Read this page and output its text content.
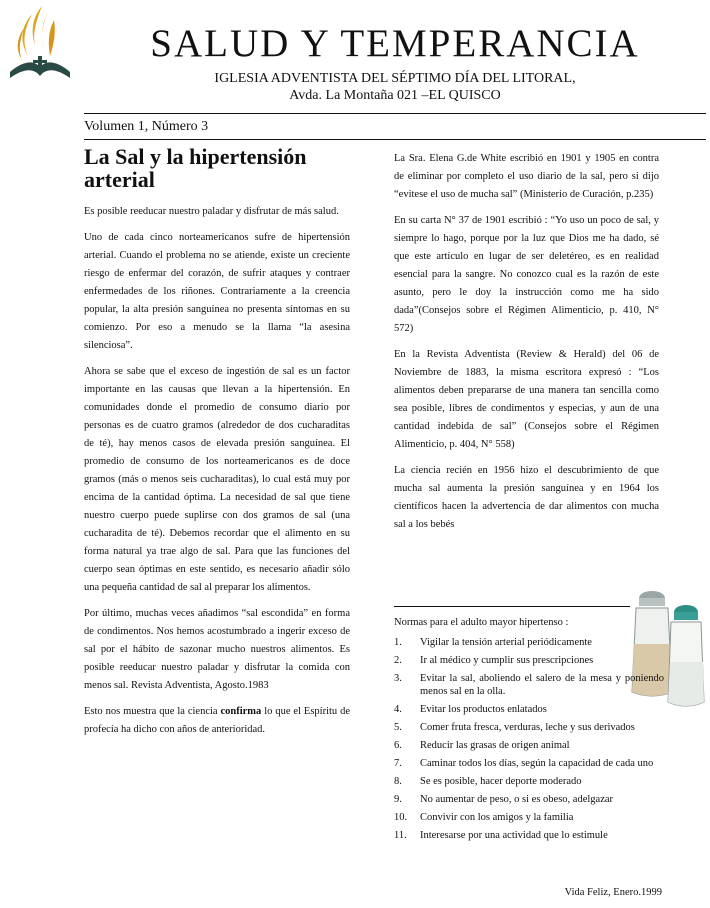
SALUD Y TEMPERANCIA
IGLESIA ADVENTISTA DEL SÉPTIMO DÍA DEL LITORAL,
Avda. La Montaña 021 –EL QUISCO
Volumen 1, Número 3
La Sal y la hipertensión arterial

Es posible reeducar nuestro paladar y disfrutar de más salud.

Uno de cada cinco norteamericanos sufre de hipertensión arterial. Cuando el problema no se atiende, existe un creciente riesgo de enfermar del corazón, de sufrir ataques y contraer enfermedades de los riñones. Contrariamente a la creencia popular, la alta presión sanguínea no presenta síntomas en su comienzo. Por eso a menudo se la llama “la asesina silenciosa”.

Ahora se sabe que el exceso de ingestión de sal es un factor importante en las causas que llevan a la hipertensión. En comunidades donde el promedio de consumo diario por personas es de cuatro gramos (alrededor de dos cucharaditas de té), hay menos casos de elevada presión sanguínea. El promedio de consumo de los norteamericanos es de doce gramos (más o menos seis cucharaditas), lo cual está muy por encima de la cantidad óptima. La necesidad de sal que tiene nuestro cuerpo puede suplirse con dos gramos de sal (una cucharadita de té). Debemos recordar que el alimento en su forma natural ya trae algo de sal. Para que las funciones del cuerpo sean óptimas en este sentido, es necesario añadir sólo una pequeña cantidad de sal al preparar los alimentos.

Por último, muchas veces añadimos “sal escondida” en forma de condimentos. Nos hemos acostumbrado a ingerir exceso de sal por el hábito de sazonar mucho nuestros alimentos. Es posible reeducar nuestro paladar y disfrutar la comida con menos sal. Revista Adventista, Agosto.1983

Esto nos muestra que la ciencia confirma lo que el Espíritu de profecía ha dicho con años de anterioridad.

La Sra. Elena G.de White escribió en 1901 y 1905 en contra de eliminar por completo el uso diario de la sal, pero si dijo “evitese el uso de mucha sal” (Ministerio de Curación, p.235)

En su carta N° 37 de 1901 escribió : “Yo uso un poco de sal, y siempre lo hago, porque por la luz que Dios me ha dado, sé que este artículo en lugar de ser deletéreo, es en realidad esencial para la sangre. No conozco cual es la razón de este asunto, pero le doy la instrucción como me ha sido dada”(Consejos sobre el Régimen Alimenticio, p. 410, N° 572)

En la Revista Adventista (Review & Herald) del 06 de Noviembre de 1883, la misma escritora expresó : “Los alimentos deben prepararse de una manera tan sencilla como sea posible, libres de condimentos y especias, y aun de una cantidad indebida de sal” (Consejos sobre el Régimen Alimenticio, p. 404, N° 558)

La ciencia recién en 1956 hizo el descubrimiento de que mucha sal aumenta la presión sanguínea y en 1964 los científicos hacen la advertencia de dar alimentos con mucha sal a los bebés

Normas para el adulto mayor hipertenso :
1.	Vigilar la tensión arterial periódicamente
2.	Ir al médico y cumplir sus prescripciones
3.	Evitar la sal, aboliendo el salero de la mesa y poniendo menos sal en la olla.
4.	Evitar los productos enlatados
5.	Comer fruta fresca, verduras, leche y sus derivados
6.	Reducir las grasas de origen animal
7.	Caminar todos los días, según la capacidad de cada uno
8.	Se es posible, hacer deporte moderado
9.	No aumentar de peso, o si es obeso, adelgazar
10.	Convivir con los amigos y la familia
11.	Interesarse por una actividad que lo estimule
Vida Feliz, Enero.1999
